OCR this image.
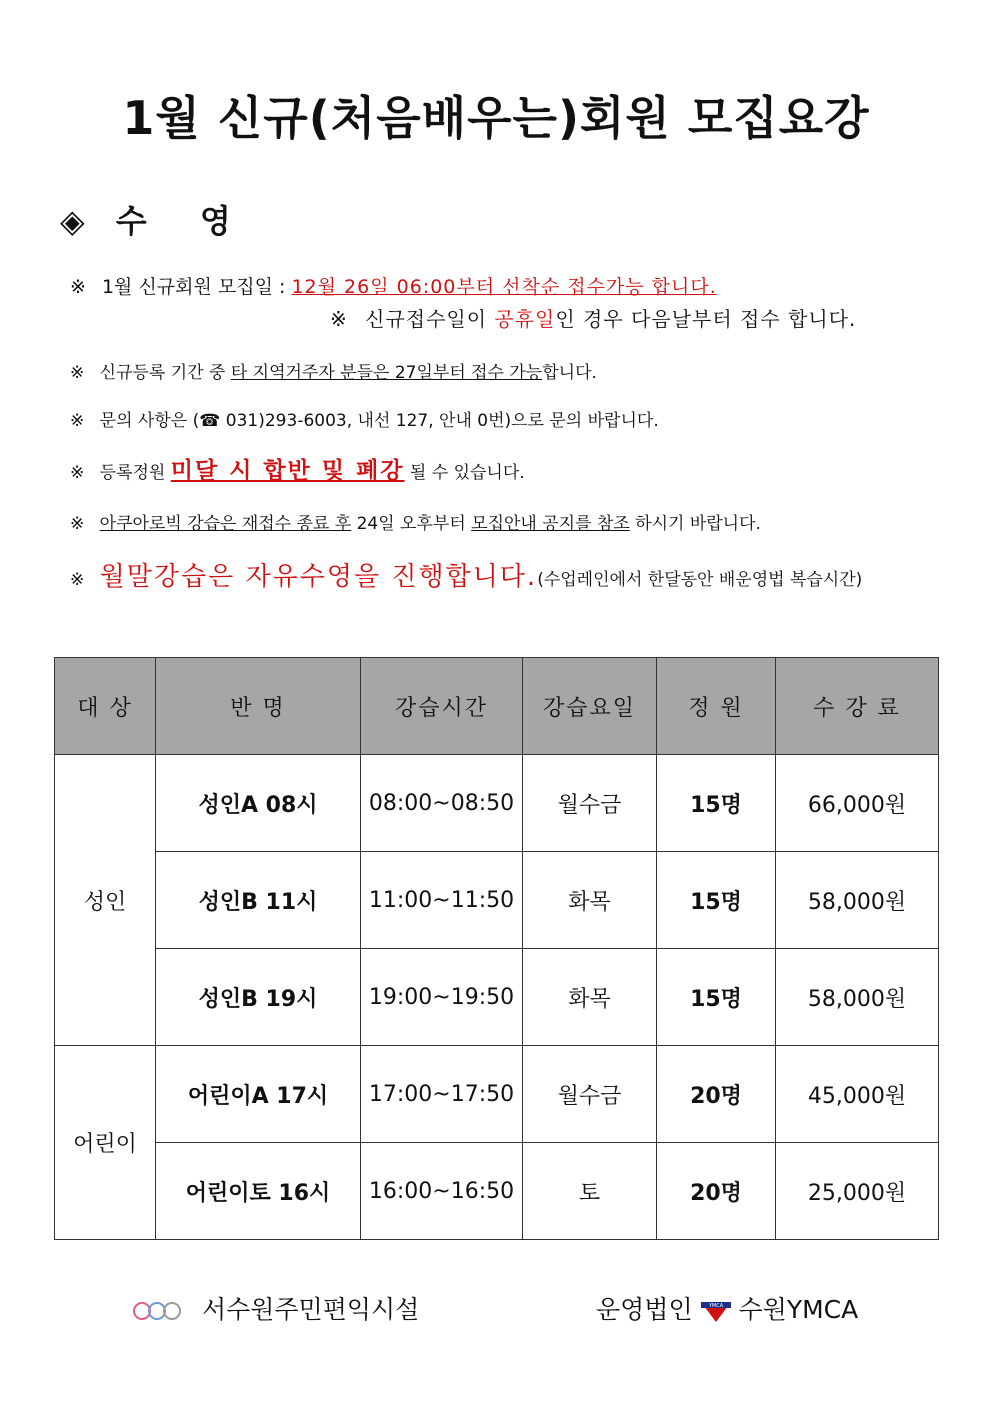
1월 신규(처음배우는)회원 모집요강
◈ 수 영
※ 1월 신규회원 모집일 : 12월 26일 06:00부터 선착순 접수가능 합니다.
※ 신규접수일이 공휴일인 경우 다음날부터 접수 합니다.
※ 신규등록 기간 중 타 지역거주자 분들은 27일부터 접수 가능합니다.
※ 문의 사항은 (☎ 031)293-6003, 내선 127, 안내 0번)으로 문의 바랍니다.
※ 등록정원 미달 시 합반 및 폐강 될 수 있습니다.
※ 아쿠아로빅 강습은 재접수 종료 후 24일 오후부터 모집안내 공지를 참조 하시기 바랍니다.
※ 월말강습은 자유수영을 진행합니다.(수업레인에서 한달동안 배운영법 복습시간)
대 상	반 명	강습시간	강습요일	정 원	수 강 료
성인	성인A 08시	08:00~08:50	월수금	15명	66,000원
	성인B 11시	11:00~11:50	화목	15명	58,000원
	성인B 19시	19:00~19:50	화목	15명	58,000원
어린이	어린이A 17시	17:00~17:50	월수금	20명	45,000원
	어린이토 16시	16:00~16:50	토	20명	25,000원
서수원주민편익시설	운영법인	YMCA 수원YMCA
